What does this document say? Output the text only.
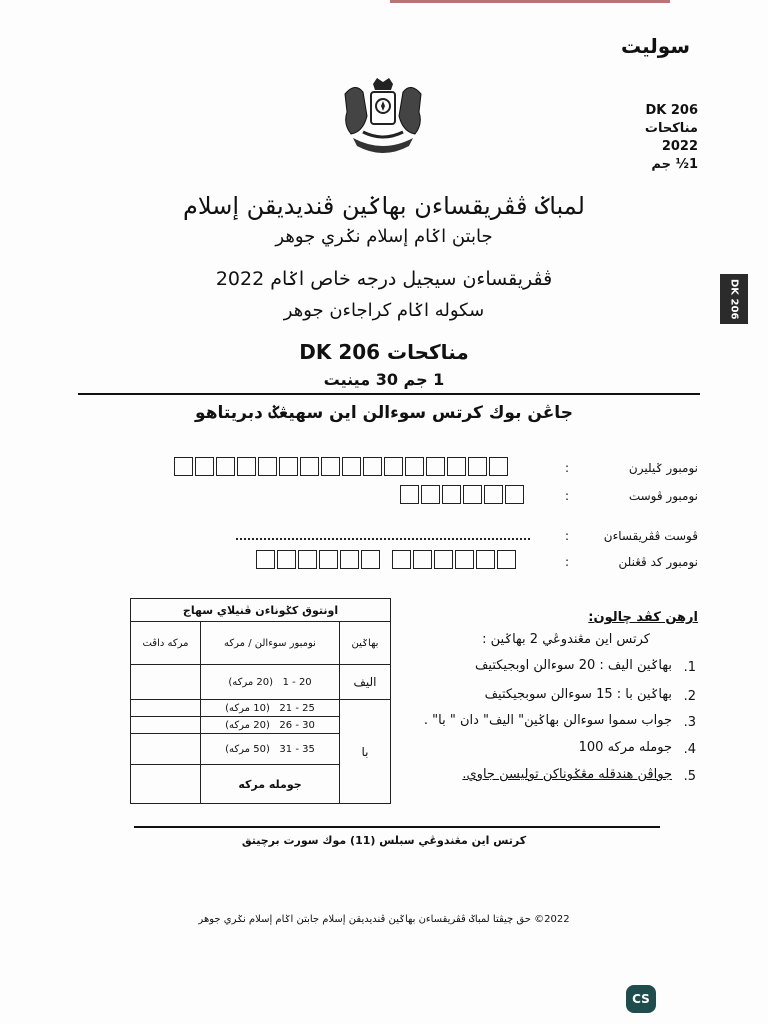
سوليت
DK 206
مناكحات
2022
1½ جم
DK 206
لمباݢ ڤڤريقساءن بهاݢين ڤنديديقن إسلام
جابتن اݢام إسلام نݢري جوهر
ڤڤريقساءن سيجيل درجه خاص اݢام 2022
سكوله اݢام كراجاءن جوهر
مناكحات DK 206
1 جم 30 مينيت
جاڠن بوك كرتس سوءالن اين سهيڠݢ دبريتاهو
نومبور ݢيليرن
:
نومبور ڤوست
:
ڤوست ڤڤريقساءن
:
نومبور كد ڤڠنلن
:
اونتوق كݢوناءن ڤنيلاي سهاج		
بهاݢين	نومبور سوءالن / مركه	مركه داڤت
اليف	20 - 1   (20 مركه)	
با	25 - 21   (10 مركه)	
	30 - 26   (20 مركه)	
	35 - 31   (50 مركه)	
	جوملە مركه	
ارهن كڤد چالون:
كرتس اين مڠندوڠي 2 بهاݢين :
1.
بهاݢين اليف : 20 سوءالن اوبجيكتيف
2.
بهاݢين با : 15 سوءالن سوبجيكتيف
3.
جواب سموا سوءالن بهاݢين" اليف" دان " با" .
4.
جوملە مركه 100
5.
جواڤن هندقله مڠݢوناكن توليسن جاوي.
كرتس اين مڠندوڠي سبلس (11) موك سورت برچيتق
2022© حق چيڤتا لمباݢ ڤڤريقساءن بهاݢين ڤنديديقن إسلام جابتن اݢام إسلام نݢري جوهر
CS
